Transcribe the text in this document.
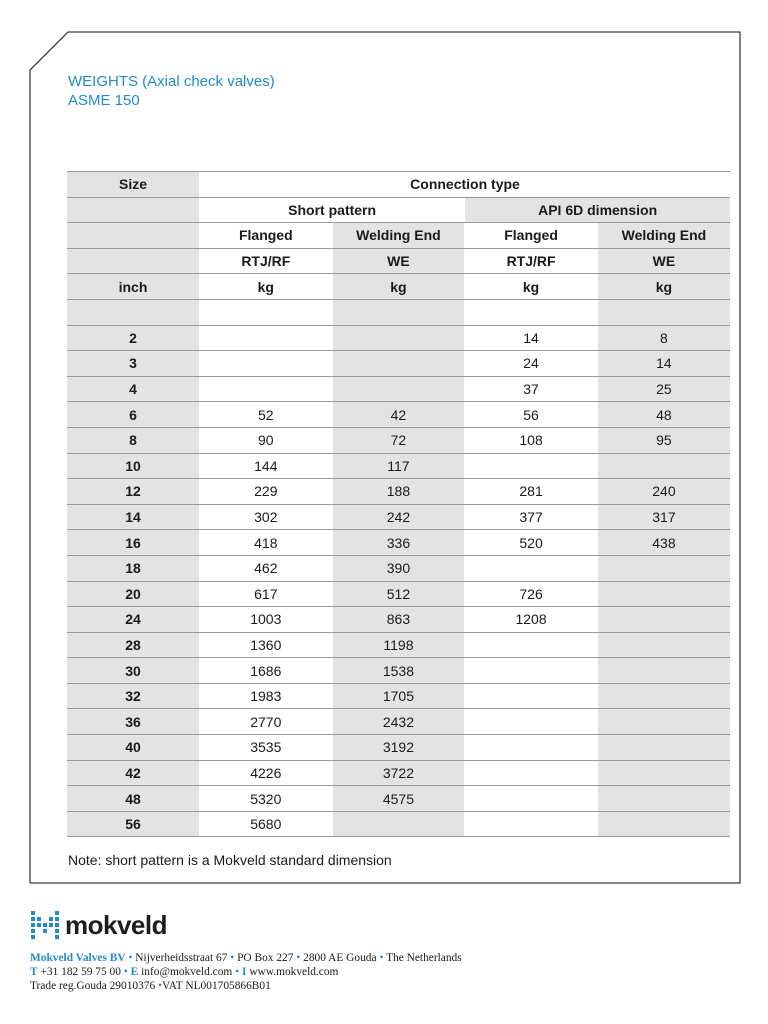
WEIGHTS (Axial check valves)
ASME 150
Size	Connection type			
	Short pattern		API 6D dimension	
	Flanged	Welding End	Flanged	Welding End
	RTJ/RF	WE	RTJ/RF	WE
inch	kg	kg	kg	kg

2			14	8
3			24	14
4			37	25
6	52	42	56	48
8	90	72	108	95
10	144	117		
12	229	188	281	240
14	302	242	377	317
16	418	336	520	438
18	462	390		
20	617	512	726	
24	1003	863	1208	
28	1360	1198		
30	1686	1538		
32	1983	1705		
36	2770	2432		
40	3535	3192		
42	4226	3722		
48	5320	4575		
56	5680			
Note: short pattern is a Mokveld standard dimension
mokveld
Mokveld Valves BV • Nijverheidsstraat 67 • PO Box 227 • 2800 AE Gouda • The Netherlands
T +31 182 59 75 00 • E info@mokveld.com • I www.mokveld.com
Trade reg.Gouda 29010376 •VAT NL001705866B01
